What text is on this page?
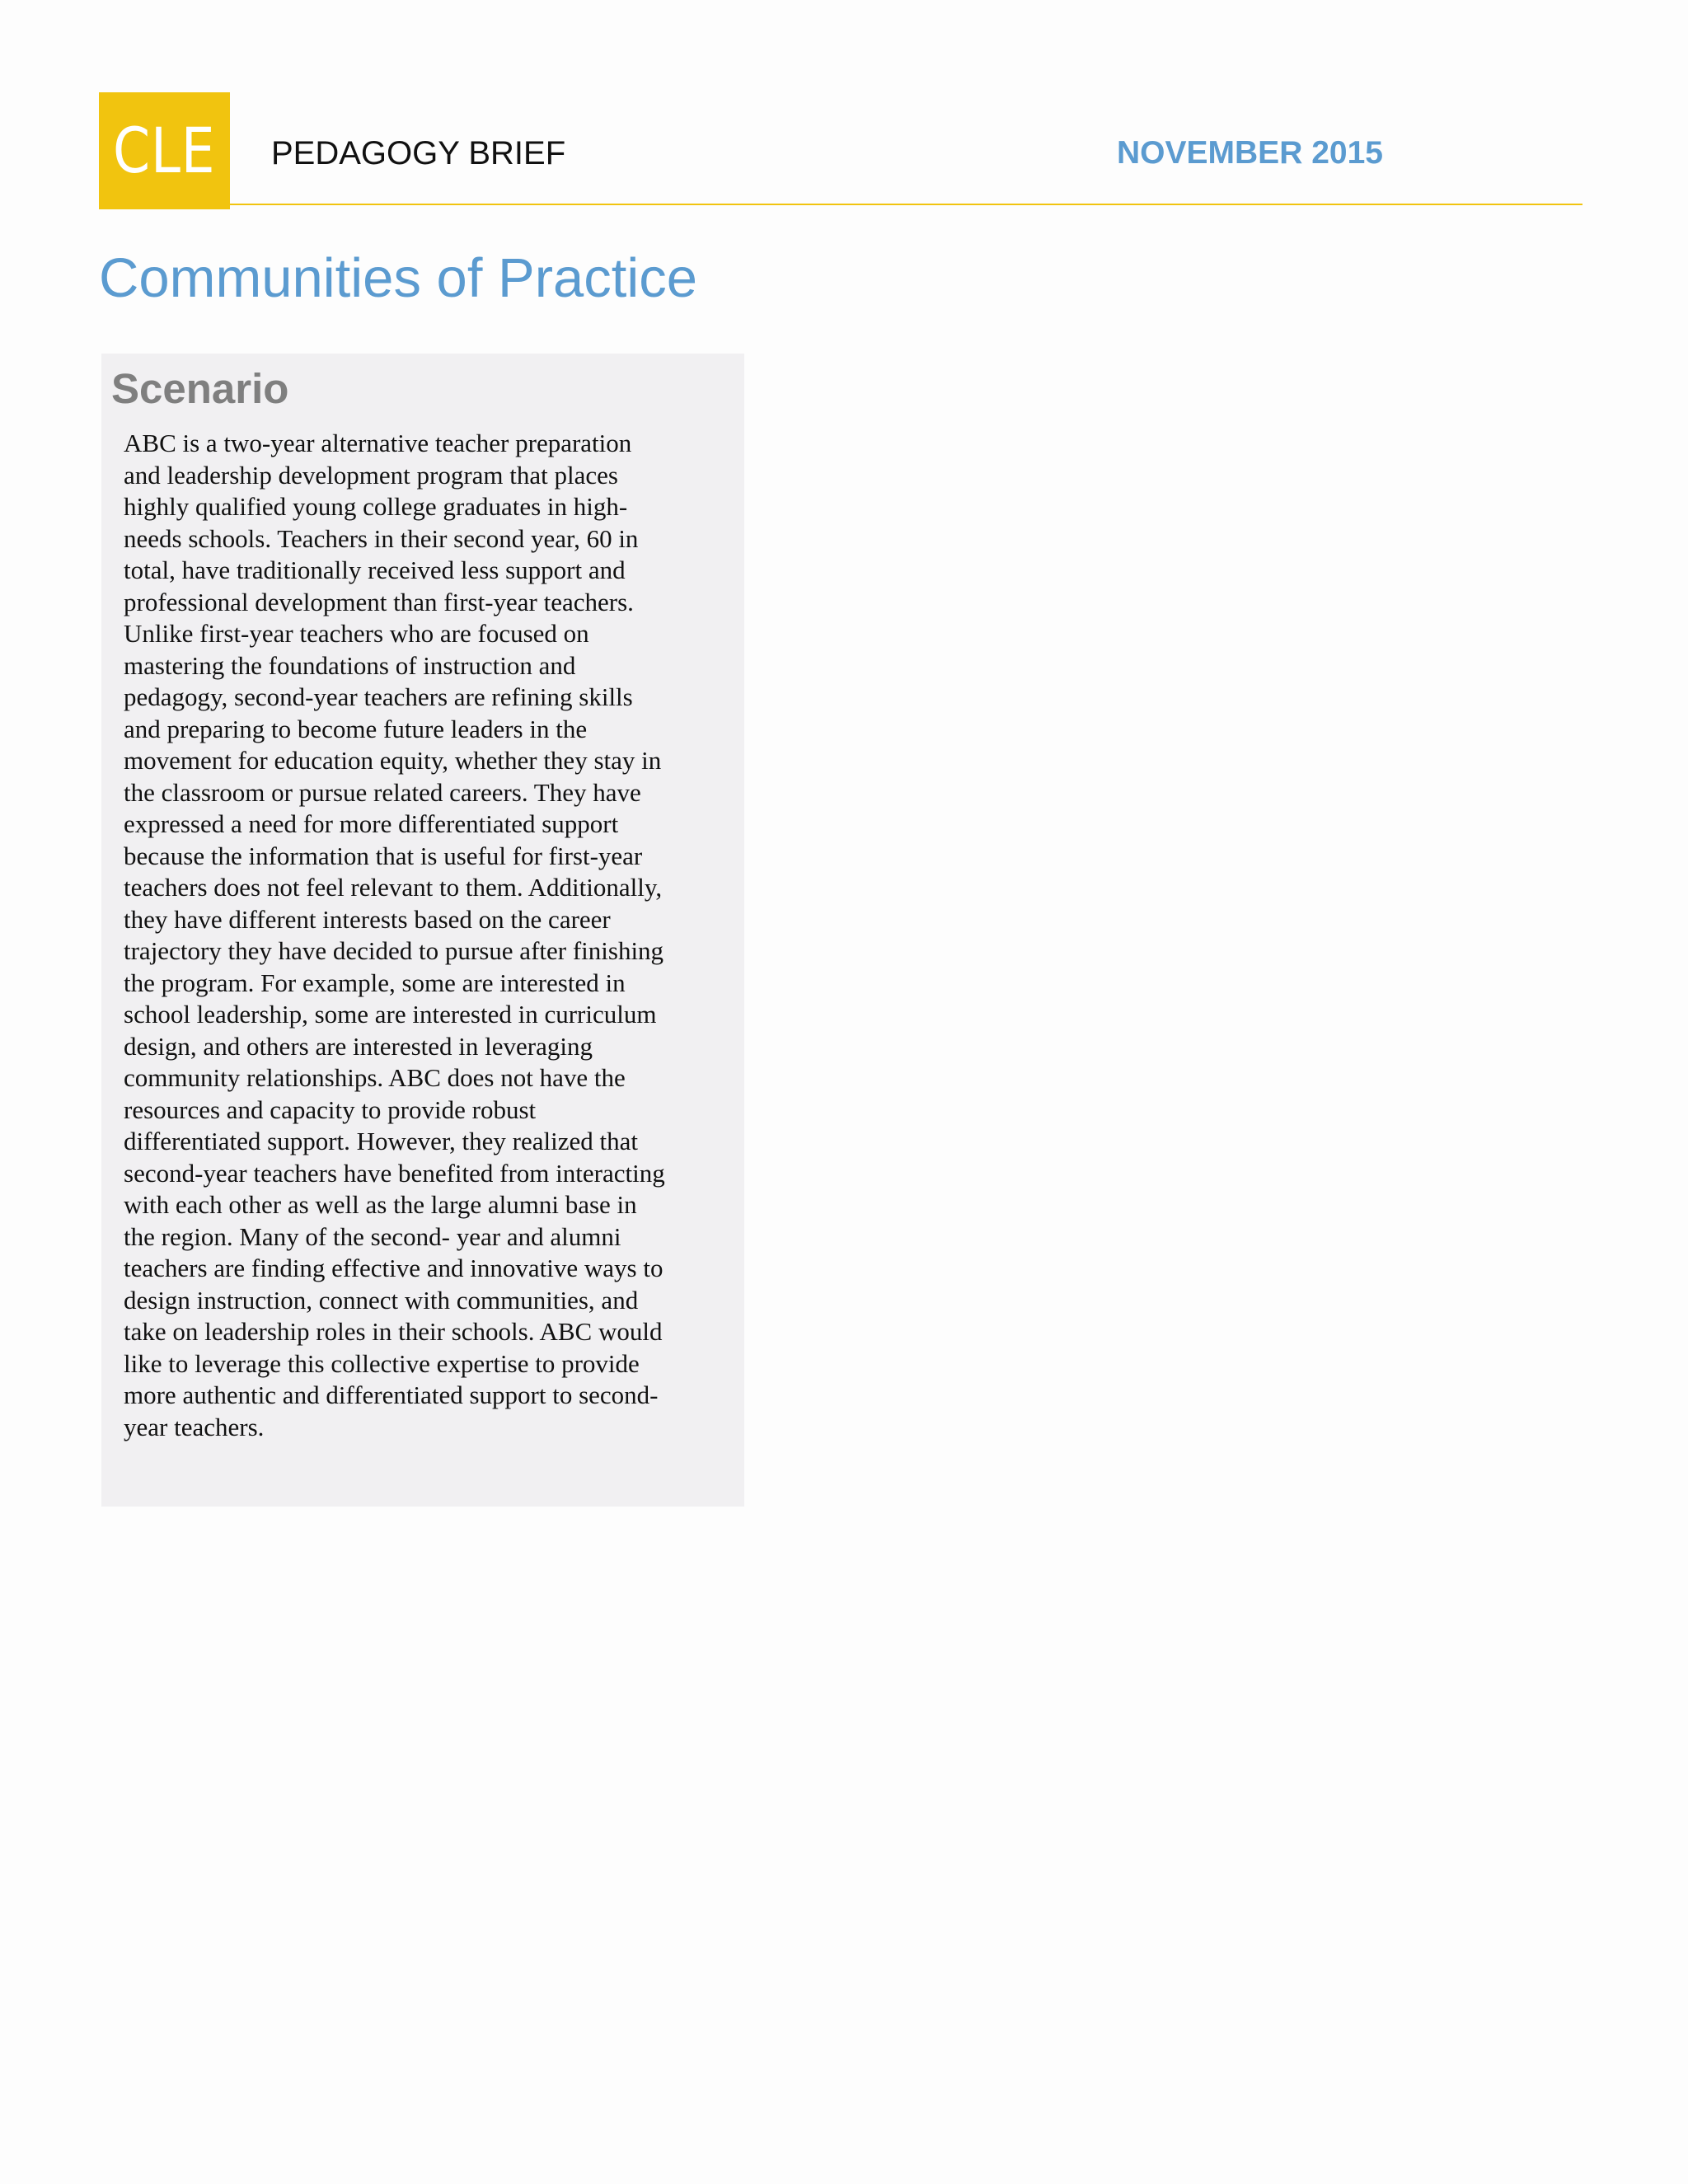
CLE PEDAGOGY BRIEF	NOVEMBER 2015
Communities of Practice
Scenario
ABC is a two-year alternative teacher preparation
and leadership development program that places
highly qualified young college graduates in high-
needs schools. Teachers in their second year, 60 in
total, have traditionally received less support and
professional development than first-year teachers.
Unlike first-year teachers who are focused on
mastering the foundations of instruction and
pedagogy, second-year teachers are refining skills
and preparing to become future leaders in the
movement for education equity, whether they stay in
the classroom or pursue related careers. They have
expressed a need for more differentiated support
because the information that is useful for first-year
teachers does not feel relevant to them. Additionally,
they have different interests based on the career
trajectory they have decided to pursue after finishing
the program. For example, some are interested in
school leadership, some are interested in curriculum
design, and others are interested in leveraging
community relationships. ABC does not have the
resources and capacity to provide robust
differentiated support. However, they realized that
second-year teachers have benefited from interacting
with each other as well as the large alumni base in
the region. Many of the second- year and alumni
teachers are finding effective and innovative ways to
design instruction, connect with communities, and
take on leadership roles in their schools. ABC would
like to leverage this collective expertise to provide
more authentic and differentiated support to second-
year teachers.
